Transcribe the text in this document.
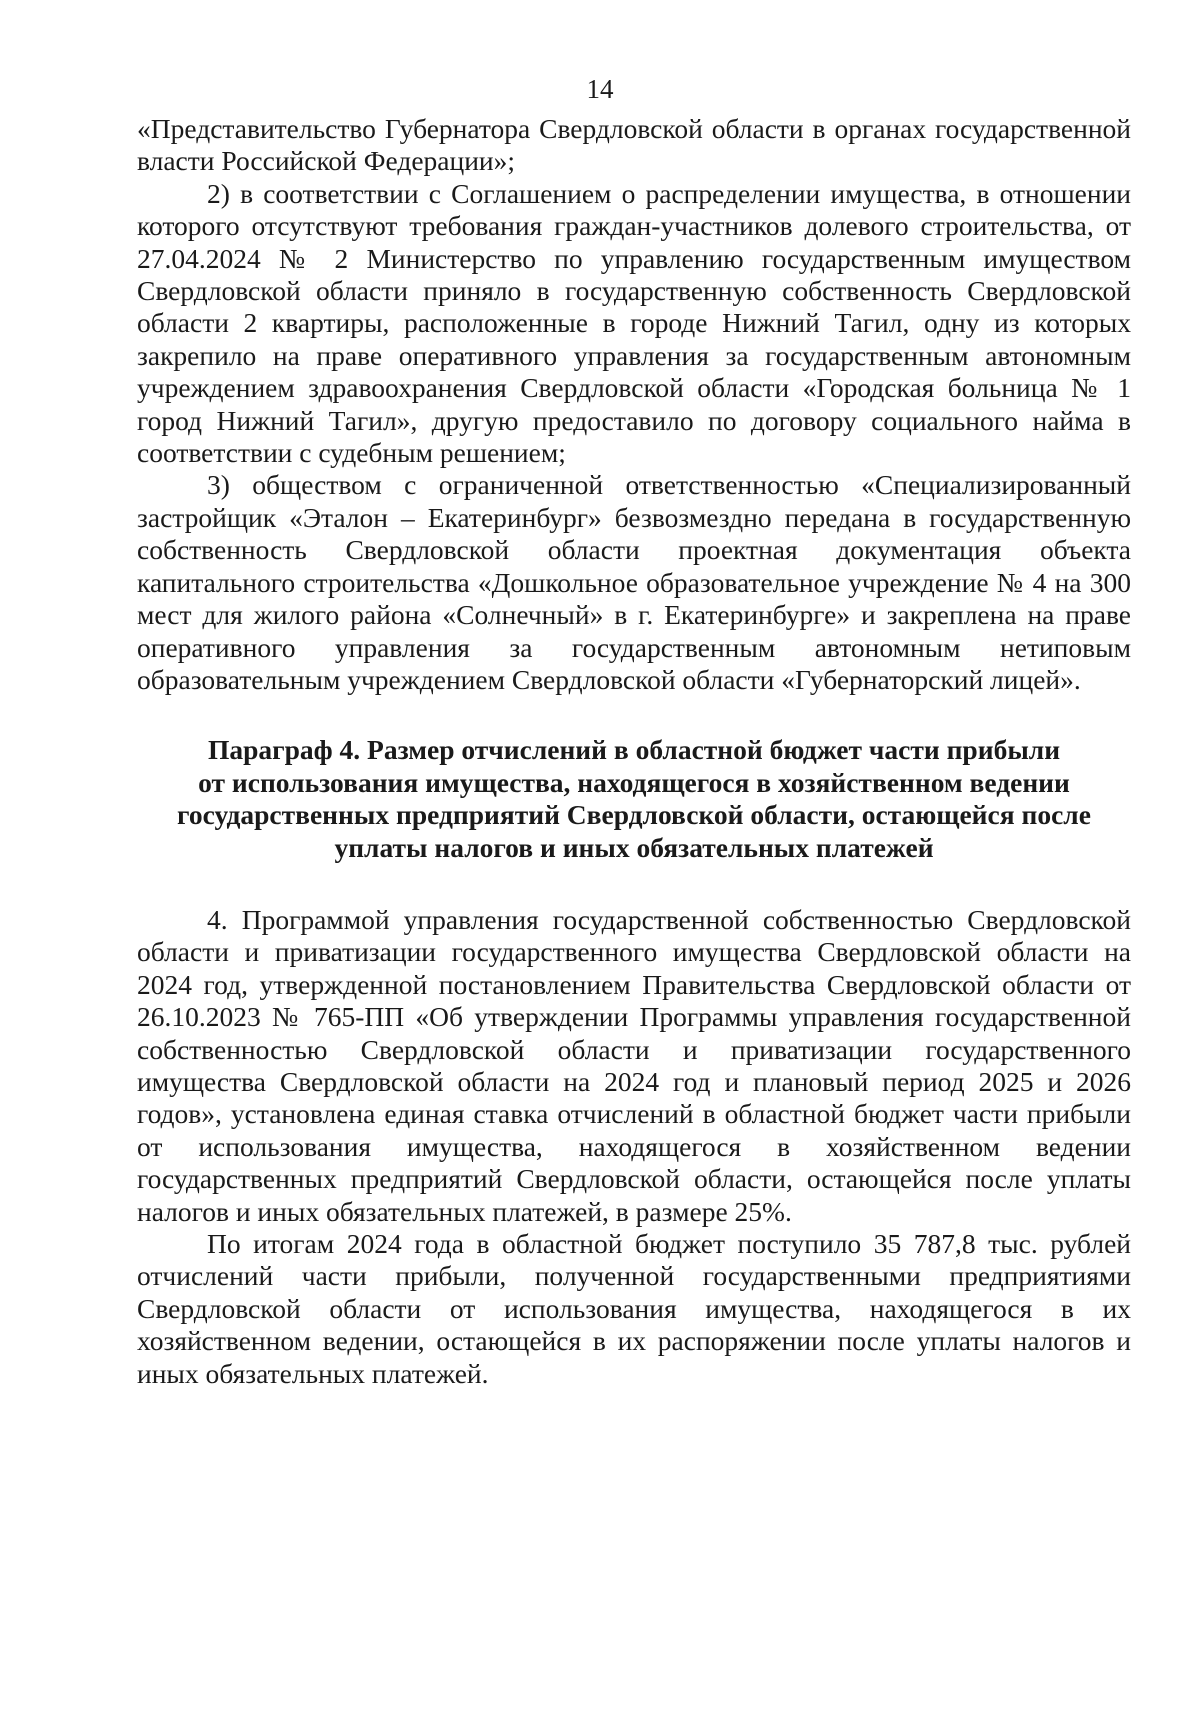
14

«Представительство Губернатора Свердловской области в органах государственной власти Российской Федерации»;

2) в соответствии с Соглашением о распределении имущества, в отношении которого отсутствуют требования граждан-участников долевого строительства, от 27.04.2024 № 2 Министерство по управлению государственным имуществом Свердловской области приняло в государственную собственность Свердловской области 2 квартиры, расположенные в городе Нижний Тагил, одну из которых закрепило на праве оперативного управления за государственным автономным учреждением здравоохранения Свердловской области «Городская больница № 1 город Нижний Тагил», другую предоставило по договору социального найма в соответствии с судебным решением;

3) обществом с ограниченной ответственностью «Специализированный застройщик «Эталон – Екатеринбург» безвозмездно передана в государственную собственность Свердловской области проектная документация объекта капитального строительства «Дошкольное образовательное учреждение № 4 на 300 мест для жилого района «Солнечный» в г. Екатеринбурге» и закреплена на праве оперативного управления за государственным автономным нетиповым образовательным учреждением Свердловской области «Губернаторский лицей».

Параграф 4. Размер отчислений в областной бюджет части прибыли
от использования имущества, находящегося в хозяйственном ведении
государственных предприятий Свердловской области, остающейся после
уплаты налогов и иных обязательных платежей

4. Программой управления государственной собственностью Свердловской области и приватизации государственного имущества Свердловской области на 2024 год, утвержденной постановлением Правительства Свердловской области от 26.10.2023 № 765-ПП «Об утверждении Программы управления государственной собственностью Свердловской области и приватизации государственного имущества Свердловской области на 2024 год и плановый период 2025 и 2026 годов», установлена единая ставка отчислений в областной бюджет части прибыли от использования имущества, находящегося в хозяйственном ведении государственных предприятий Свердловской области, остающейся после уплаты налогов и иных обязательных платежей, в размере 25%.

По итогам 2024 года в областной бюджет поступило 35 787,8 тыс. рублей отчислений части прибыли, полученной государственными предприятиями Свердловской области от использования имущества, находящегося в их хозяйственном ведении, остающейся в их распоряжении после уплаты налогов и иных обязательных платежей.
